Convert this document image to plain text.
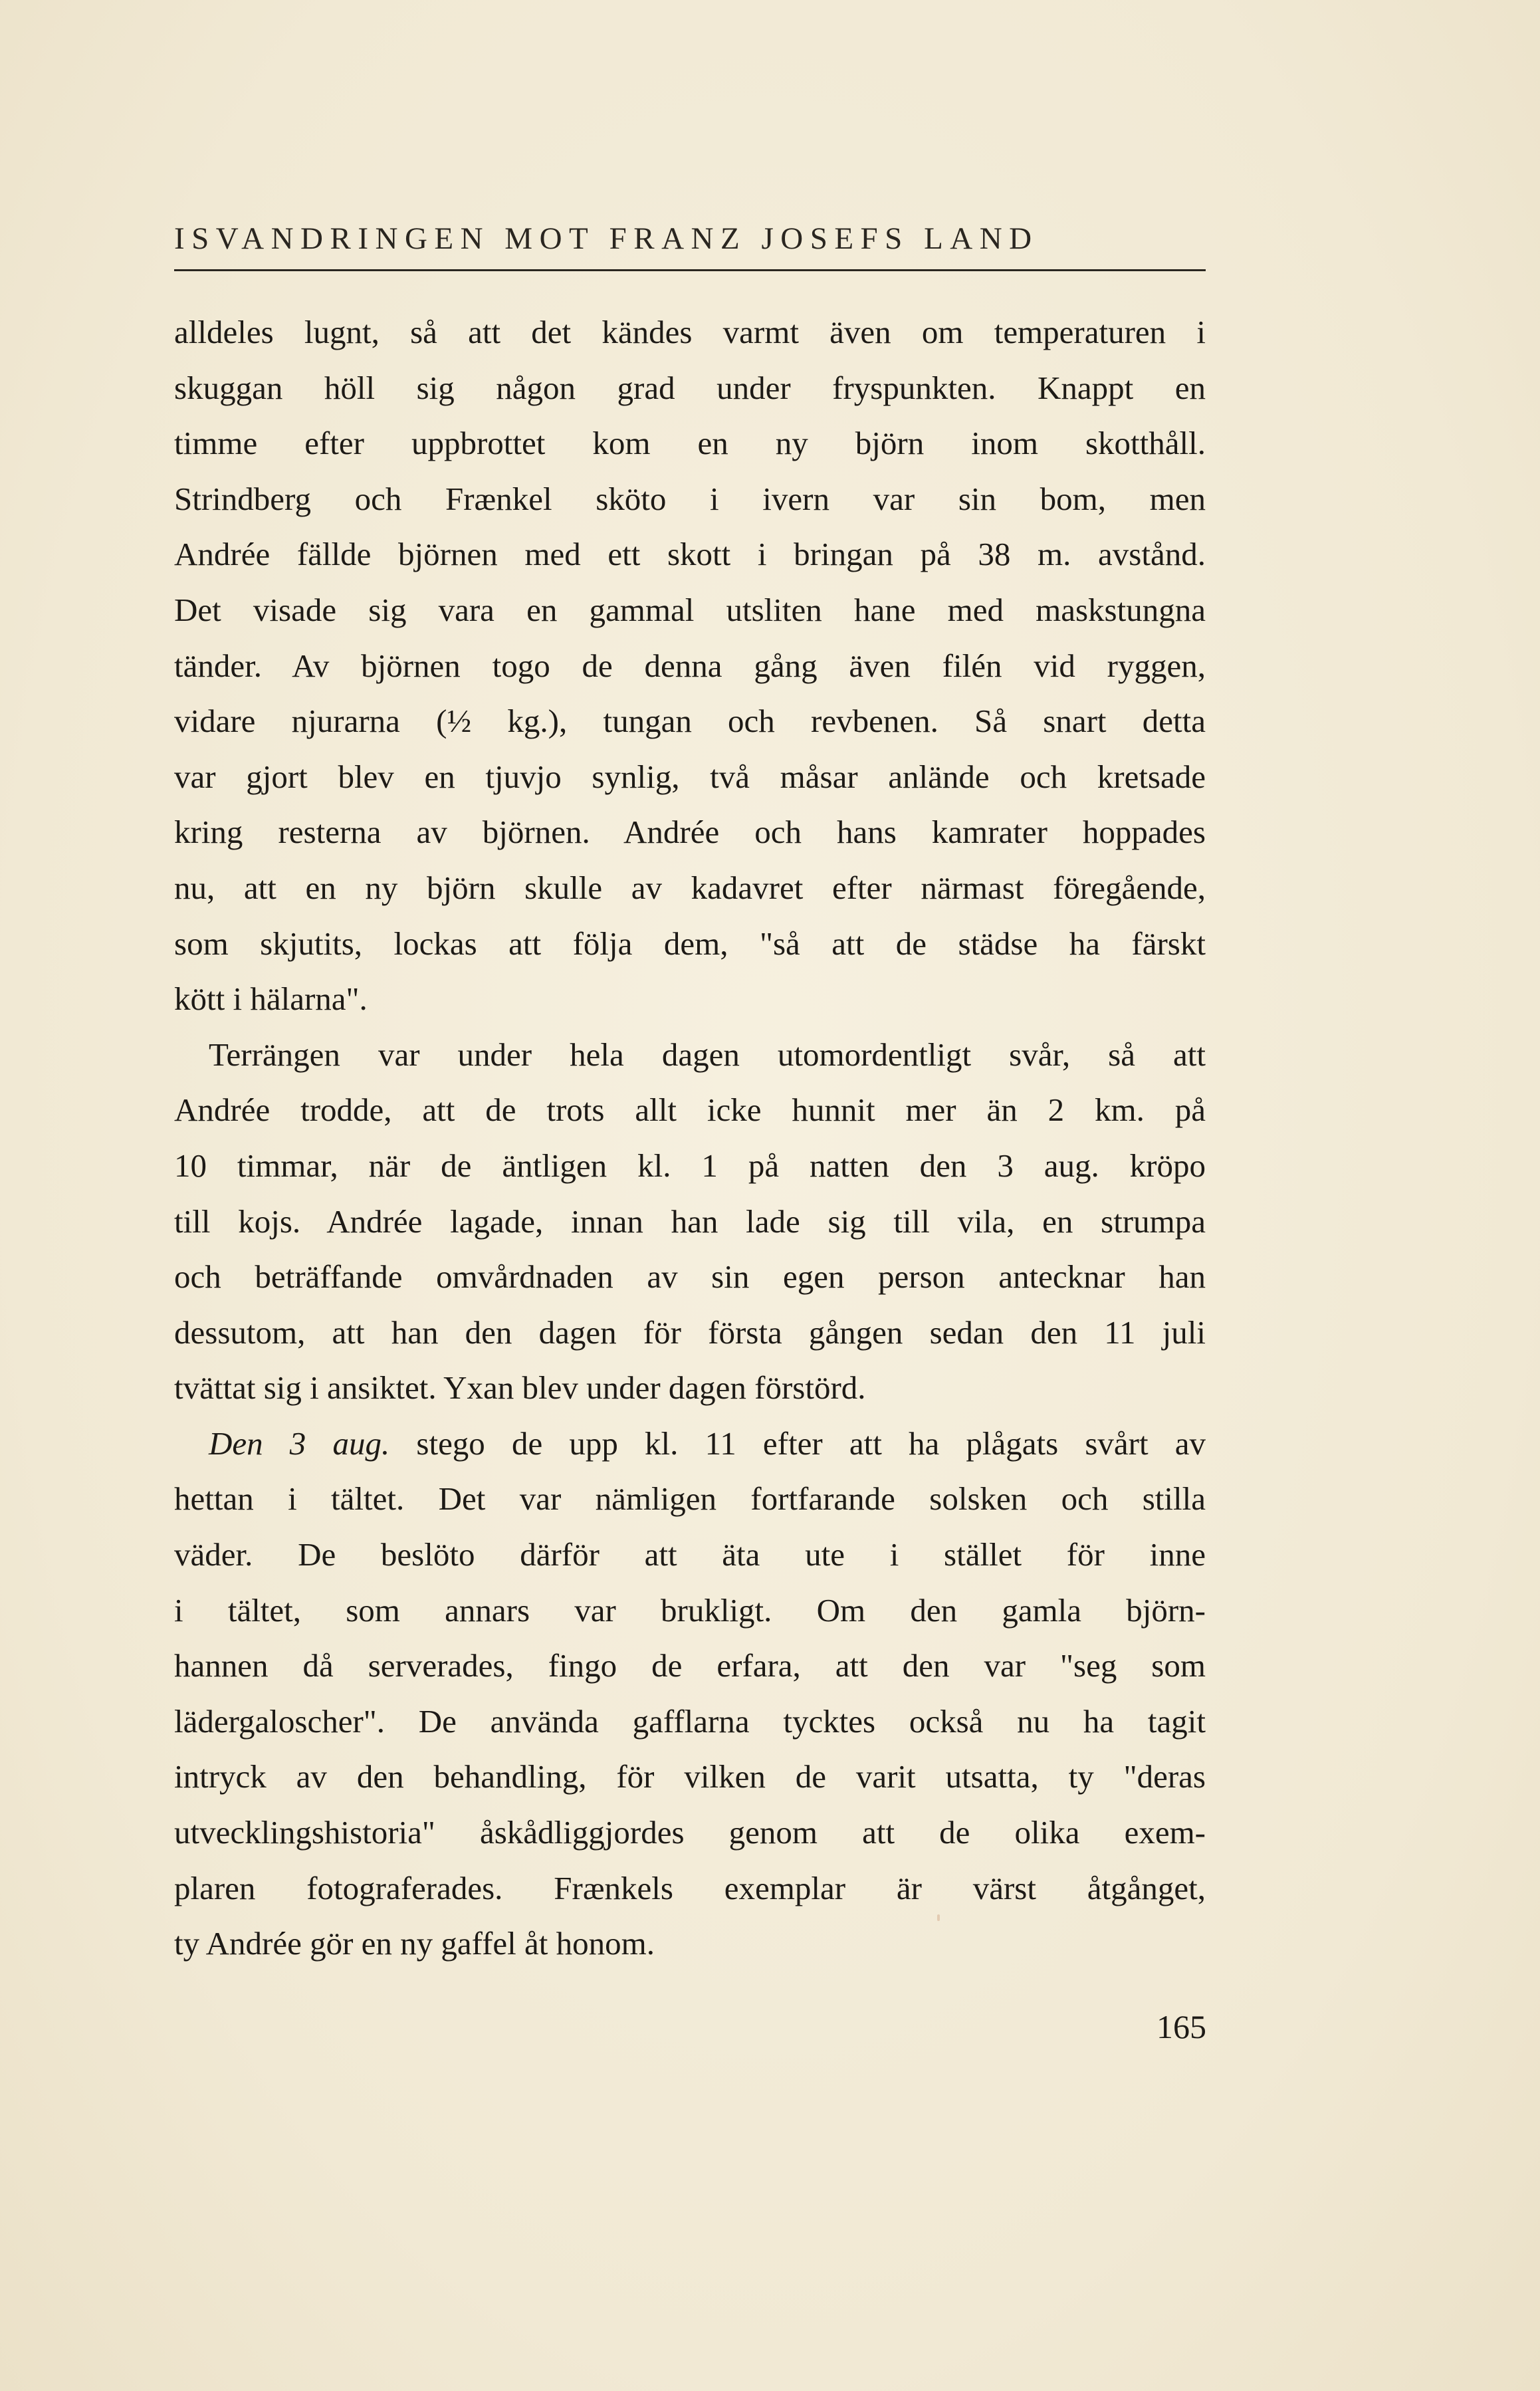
ISVANDRINGEN MOT FRANZ JOSEFS LAND
alldeles lugnt, så att det kändes varmt även om temperaturen i
skuggan höll sig någon grad under fryspunkten. Knappt en
timme efter uppbrottet kom en ny björn inom skotthåll.
Strindberg och Frænkel sköto i ivern var sin bom, men
Andrée fällde björnen med ett skott i bringan på 38 m. avstånd.
Det visade sig vara en gammal utsliten hane med maskstungna
tänder. Av björnen togo de denna gång även filén vid ryggen,
vidare njurarna (½ kg.), tungan och revbenen. Så snart detta
var gjort blev en tjuvjo synlig, två måsar anlände och kretsade
kring resterna av björnen. Andrée och hans kamrater hoppades
nu, att en ny björn skulle av kadavret efter närmast föregående,
som skjutits, lockas att följa dem, "så att de städse ha färskt
kött i hälarna".
Terrängen var under hela dagen utomordentligt svår, så att
Andrée trodde, att de trots allt icke hunnit mer än 2 km. på
10 timmar, när de äntligen kl. 1 på natten den 3 aug. kröpo
till kojs. Andrée lagade, innan han lade sig till vila, en strumpa
och beträffande omvårdnaden av sin egen person antecknar han
dessutom, att han den dagen för första gången sedan den 11 juli
tvättat sig i ansiktet. Yxan blev under dagen förstörd.
Den 3 aug. stego de upp kl. 11 efter att ha plågats svårt av
hettan i tältet. Det var nämligen fortfarande solsken och stilla
väder. De beslöto därför att äta ute i stället för inne
i tältet, som annars var brukligt. Om den gamla björn-
hannen då serverades, fingo de erfara, att den var "seg som
lädergaloscher". De använda gafflarna tycktes också nu ha tagit
intryck av den behandling, för vilken de varit utsatta, ty "deras
utvecklingshistoria" åskådliggjordes genom att de olika exem-
plaren fotograferades. Frænkels exemplar är värst åtgånget,
ty Andrée gör en ny gaffel åt honom.
165
